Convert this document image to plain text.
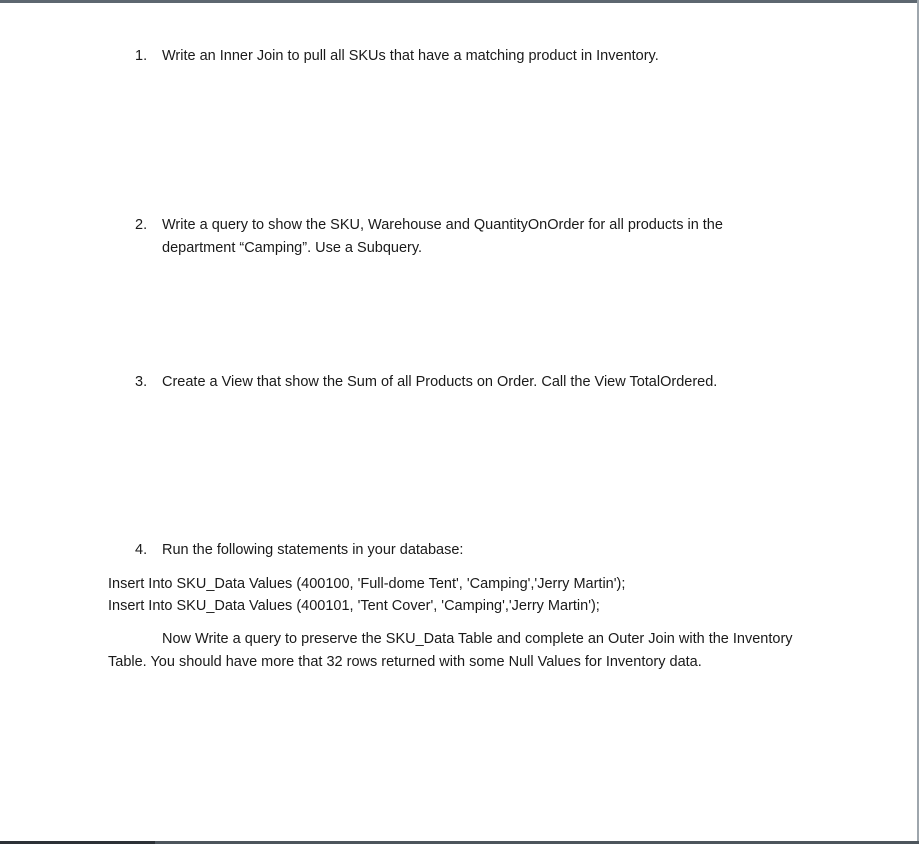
1. Write an Inner Join to pull all SKUs that have a matching product in Inventory.
2. Write a query to show the SKU, Warehouse and QuantityOnOrder for all products in the department “Camping”. Use a Subquery.
3. Create a View that show the Sum of all Products on Order. Call the View TotalOrdered.
4. Run the following statements in your database:
Insert Into SKU_Data Values (400100, 'Full-dome Tent', 'Camping','Jerry Martin');
Insert Into SKU_Data Values (400101, 'Tent Cover', 'Camping','Jerry Martin');
Now Write a query to preserve the SKU_Data Table and complete an Outer Join with the Inventory Table. You should have more that 32 rows returned with some Null Values for Inventory data.
